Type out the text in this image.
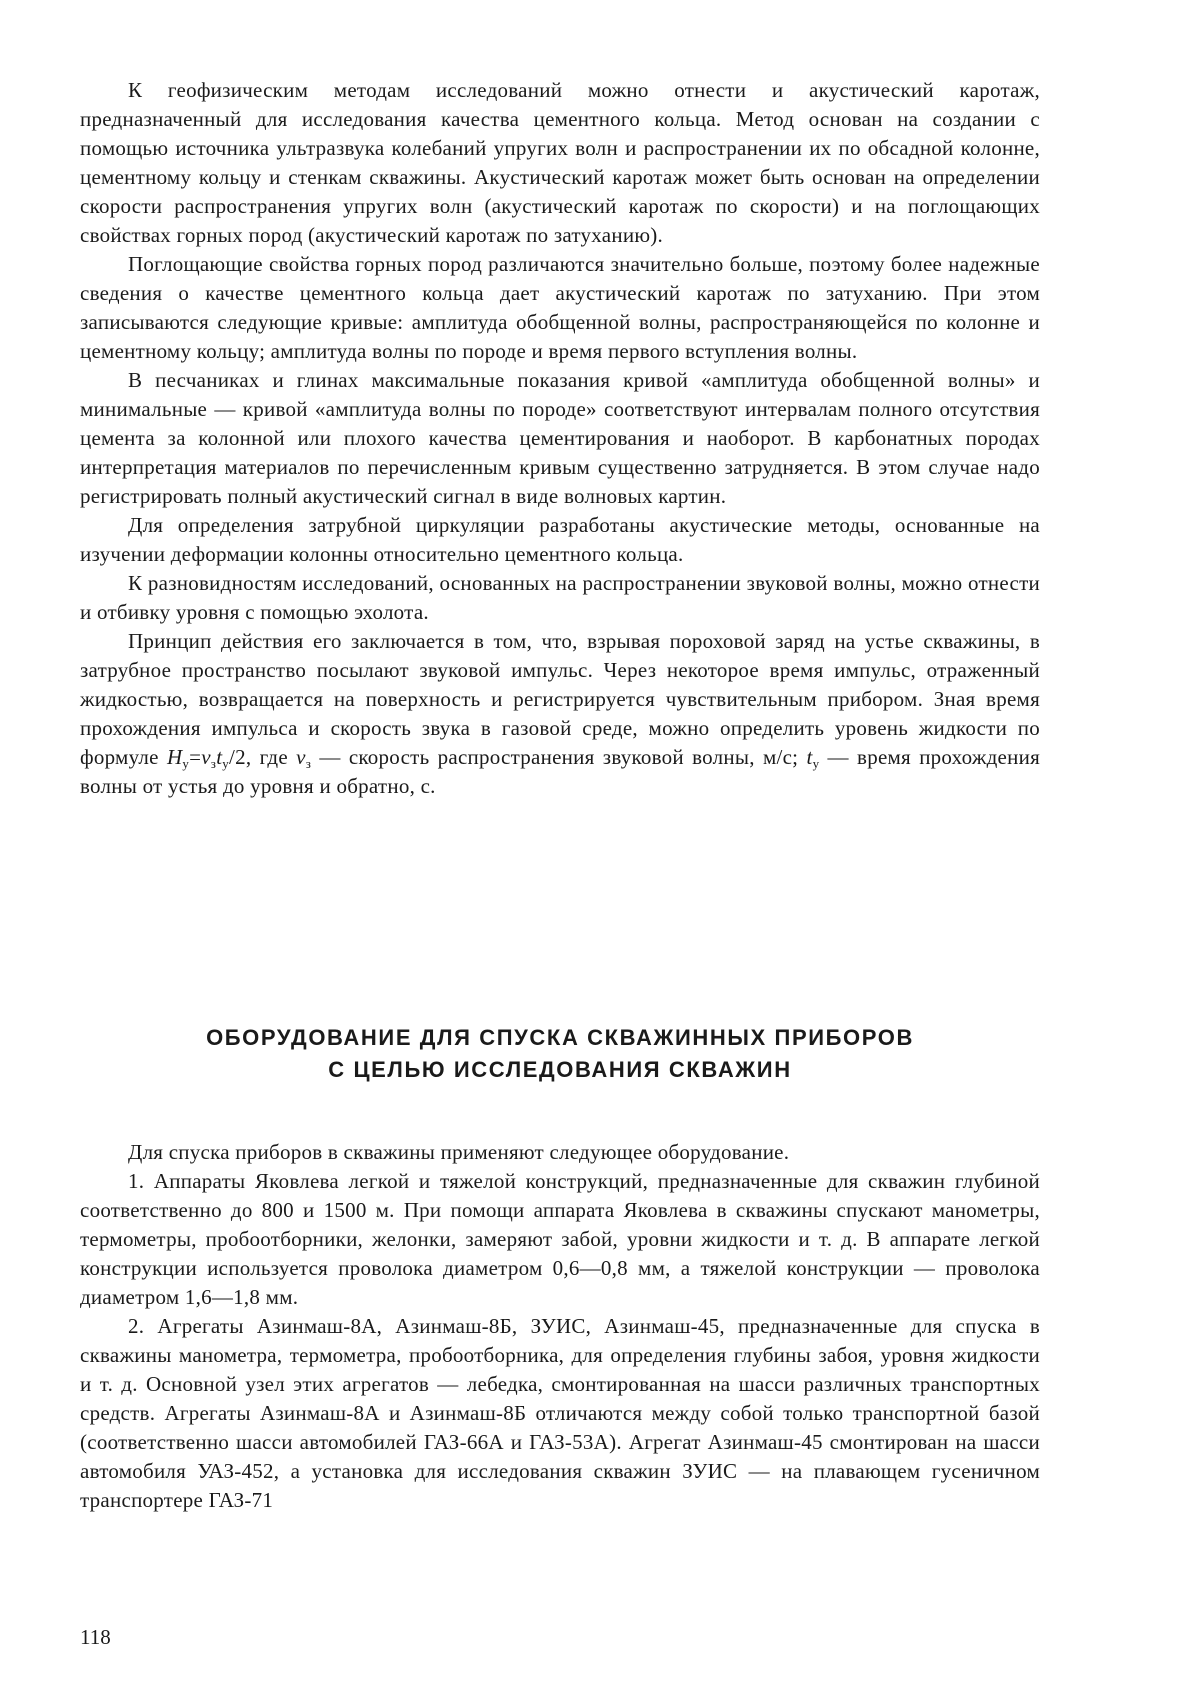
К геофизическим методам исследований можно отнести и акустический каротаж, предназначенный для исследования качества цементного кольца. Метод основан на создании с помощью источника ультразвука колебаний упругих волн и распространении их по обсадной колонне, цементному кольцу и стенкам скважины. Акустический каротаж может быть основан на определении скорости распространения упругих волн (акустический каротаж по скорости) и на поглощающих свойствах горных пород (акустический каротаж по затуханию).

Поглощающие свойства горных пород различаются значительно больше, поэтому более надежные сведения о качестве цементного кольца дает акустический каротаж по затуханию. При этом записываются следующие кривые: амплитуда обобщенной волны, распространяющейся по колонне и цементному кольцу; амплитуда волны по породе и время первого вступления волны.

В песчаниках и глинах максимальные показания кривой «амплитуда обобщенной волны» и минимальные — кривой «амплитуда волны по породе» соответствуют интервалам полного отсутствия цемента за колонной или плохого качества цементирования и наоборот. В карбонатных породах интерпретация материалов по перечисленным кривым существенно затрудняется. В этом случае надо регистрировать полный акустический сигнал в виде волновых картин.

Для определения затрубной циркуляции разработаны акустические методы, основанные на изучении деформации колонны относительно цементного кольца.

К разновидностям исследований, основанных на распространении звуковой волны, можно отнести и отбивку уровня с помощью эхолота.

Принцип действия его заключается в том, что, взрывая пороховой заряд на устье скважины, в затрубное пространство посылают звуковой импульс. Через некоторое время импульс, отраженный жидкостью, возвращается на поверхность и регистрируется чувствительным прибором. Зная время прохождения импульса и скорость звука в газовой среде, можно определить уровень жидкости по формуле $H_у=v_зt_у/2$, где $v_з$ — скорость распространения звуковой волны, м/с; $t_у$ — время прохождения волны от устья до уровня и обратно, с.

ОБОРУДОВАНИЕ ДЛЯ СПУСКА СКВАЖИННЫХ ПРИБОРОВ
С ЦЕЛЬЮ ИССЛЕДОВАНИЯ СКВАЖИН

Для спуска приборов в скважины применяют следующее оборудование.

1. Аппараты Яковлева легкой и тяжелой конструкций, предназначенные для скважин глубиной соответственно до 800 и 1500 м. При помощи аппарата Яковлева в скважины спускают манометры, термометры, пробоотборники, желонки, замеряют забой, уровни жидкости и т. д. В аппарате легкой конструкции используется проволока диаметром 0,6—0,8 мм, а тяжелой конструкции — проволока диаметром 1,6—1,8 мм.

2. Агрегаты Азинмаш-8А, Азинмаш-8Б, ЗУИС, Азинмаш-45, предназначенные для спуска в скважины манометра, термометра, пробоотборника, для определения глубины забоя, уровня жидкости и т. д. Основной узел этих агрегатов — лебедка, смонтированная на шасси различных транспортных средств. Агрегаты Азинмаш-8А и Азинмаш-8Б отличаются между собой только транспортной базой (соответственно шасси автомобилей ГАЗ-66А и ГАЗ-53А). Агрегат Азинмаш-45 смонтирован на шасси автомобиля УАЗ-452, а установка для исследования скважин ЗУИС — на плавающем гусеничном транспортере ГАЗ-71

118
